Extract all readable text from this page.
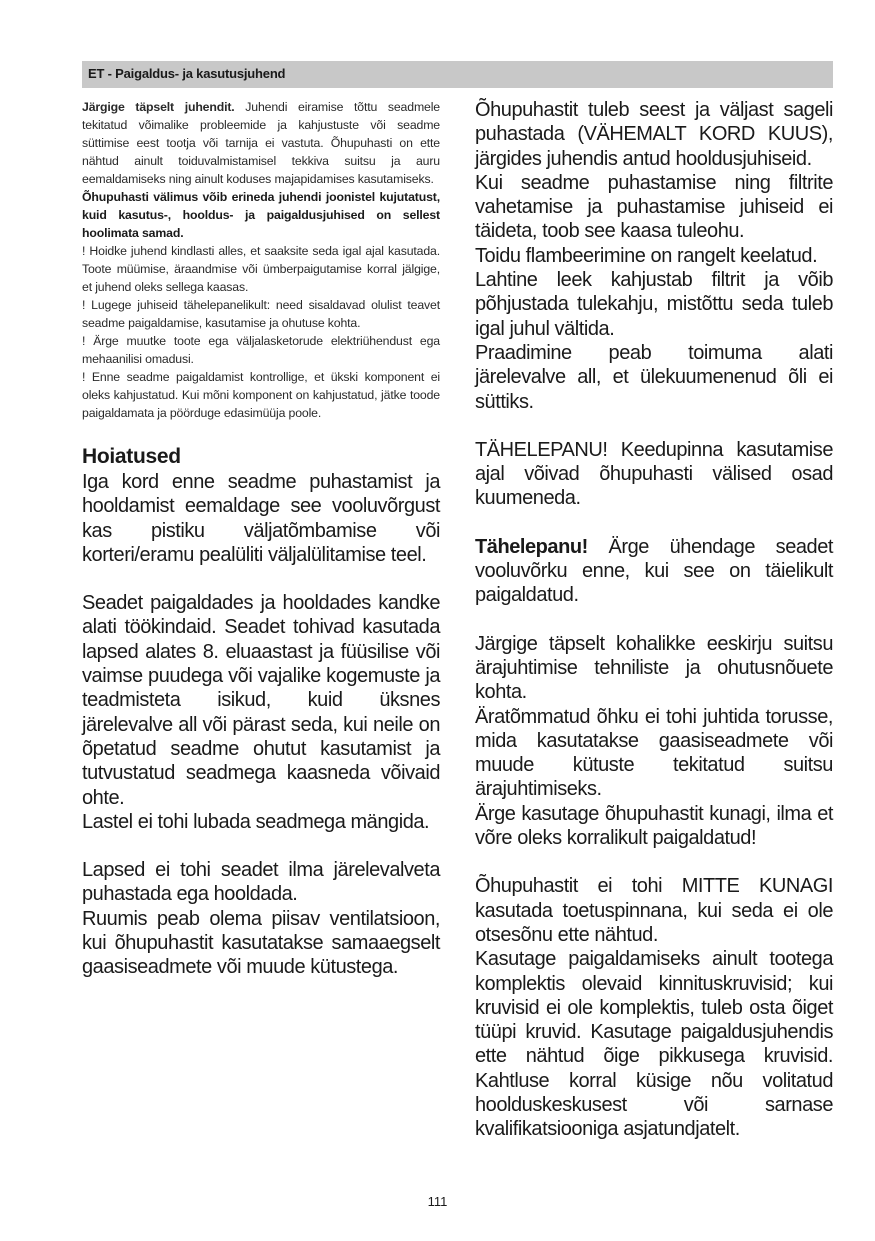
ET - Paigaldus- ja kasutusjuhend

Järgige täpselt juhendit. Juhendi eiramise tõttu seadmele tekitatud võimalike probleemide ja kahjustuste või seadme süttimise eest tootja või tarnija ei vastuta. Õhupuhasti on ette nähtud ainult toiduvalmistamisel tekkiva suitsu ja auru eemaldamiseks ning ainult koduses majapidamises kasutamiseks.

Õhupuhasti välimus võib erineda juhendi joonistel kujutatust, kuid kasutus-, hooldus- ja paigaldusjuhised on sellest hoolimata samad.

! Hoidke juhend kindlasti alles, et saaksite seda igal ajal kasutada. Toote müümise, äraandmise või ümberpaigutamise korral jälgige, et juhend oleks sellega kaasas.

! Lugege juhiseid tähelepanelikult: need sisaldavad olulist teavet seadme paigaldamise, kasutamise ja ohutuse kohta.

! Ärge muutke toote ega väljalasketorude elektriühendust ega mehaanilisi omadusi.

! Enne seadme paigaldamist kontrollige, et ükski komponent ei oleks kahjustatud. Kui mõni komponent on kahjustatud, jätke toode paigaldamata ja pöörduge edasimüüja poole.

Hoiatused

Iga kord enne seadme puhastamist ja hooldamist eemaldage see vooluvõrgust kas pistiku väljatõmbamise või korteri/eramu pealüliti väljalülitamise teel.

Seadet paigaldades ja hooldades kandke alati töökindaid. Seadet tohivad kasutada lapsed alates 8. eluaastast ja füüsilise või vaimse puudega või vajalike kogemuste ja teadmisteta isikud, kuid üksnes järelevalve all või pärast seda, kui neile on õpetatud seadme ohutut kasutamist ja tutvustatud seadmega kaasneda võivaid ohte.

Lastel ei tohi lubada seadmega mängida.

Lapsed ei tohi seadet ilma järelevalveta puhastada ega hooldada.

Ruumis peab olema piisav ventilatsioon, kui õhupuhastit kasutatakse samaaegselt gaasiseadmete või muude kütustega.

Õhupuhastit tuleb seest ja väljast sageli puhastada (VÄHEMALT KORD KUUS), järgides juhendis antud hooldusjuhiseid.

Kui seadme puhastamise ning filtrite vahetamise ja puhastamise juhiseid ei täideta, toob see kaasa tuleohu.

Toidu flambeerimine on rangelt keelatud.

Lahtine leek kahjustab filtrit ja võib põhjustada tulekahju, mistõttu seda tuleb igal juhul vältida.

Praadimine peab toimuma alati järelevalve all, et ülekuumenenud õli ei süttiks.

TÄHELEPANU! Keedupinna kasutamise ajal võivad õhupuhasti välised osad kuumeneda.

Tähelepanu! Ärge ühendage seadet vooluvõrku enne, kui see on täielikult paigaldatud.

Järgige täpselt kohalikke eeskirju suitsu ärajuhtimise tehniliste ja ohutusnõuete kohta.

Äratõmmatud õhku ei tohi juhtida torusse, mida kasutatakse gaasiseadmete või muude kütuste tekitatud suitsu ärajuhtimiseks.

Ärge kasutage õhupuhastit kunagi, ilma et võre oleks korralikult paigaldatud!

Õhupuhastit ei tohi MITTE KUNAGI kasutada toetuspinnana, kui seda ei ole otsesõnu ette nähtud.

Kasutage paigaldamiseks ainult tootega komplektis olevaid kinnituskruvisid; kui kruvisid ei ole komplektis, tuleb osta õiget tüüpi kruvid. Kasutage paigaldusjuhendis ette nähtud õige pikkusega kruvisid. Kahtluse korral küsige nõu volitatud hoolduskeskusest või sarnase kvalifikatsiooniga asjatundjatelt.

111
